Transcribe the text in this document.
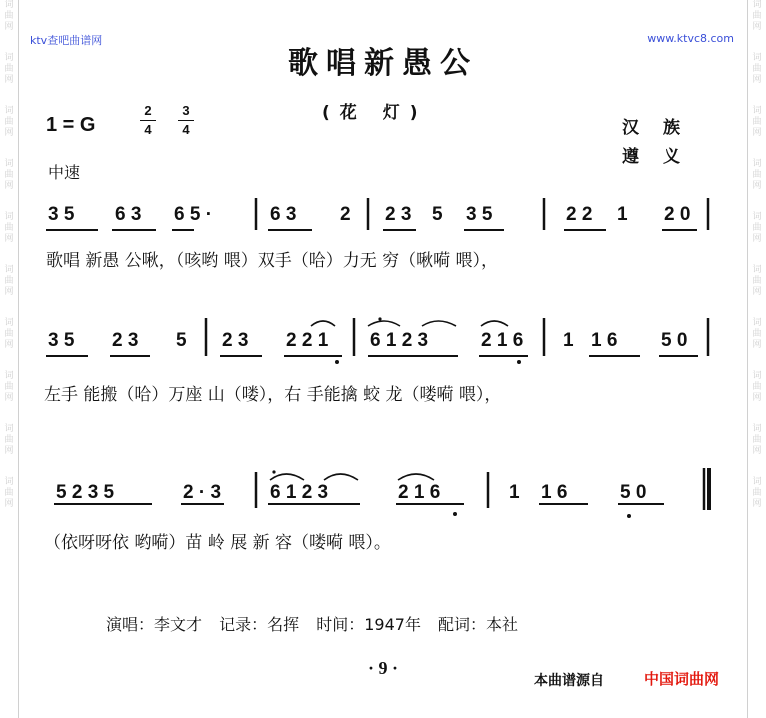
词
曲
网
词
曲
网
词
曲
网
词
曲
网
词
曲
网
词
曲
网
词
曲
网
词
曲
网
词
曲
网
词
曲
网
词
曲
网
词
曲
网
词
曲
网
词
曲
网
词
曲
网
词
曲
网
词
曲
网
词
曲
网
词
曲
网
词
曲
网
ktv查吧曲谱网	www.ktvc8.com
歌唱新愚公
(花 灯)
1 = G
2
4
3
4
中速
汉族
遵义
3 5 6 3 6 5 ·	6 3 2 2 3 5 3 5	2 2 1 2 0
歌唱 新愚 公啾，（咳哟 喂）双手（哈）力无 穷（啾嗬 喂），
3 5 2 3 5 2 3 2 2 1 6 1 2 3	2 1 6 1 1 6 5 0
左手 能搬（哈）万座 山（喽），右 手能擒 蛟 龙（喽嗬 喂），
5 2 3 5	2 · 3	6 1 2 3	2 1 6	1 1 6	5 0
（依呀呀依 哟嗬）苗 岭 展 新 容（喽嗬 喂）。
演唱：李文才 记录：名挥 时间：1947年 配词：本社
· 9 ·
本曲谱源自	中国词曲网
